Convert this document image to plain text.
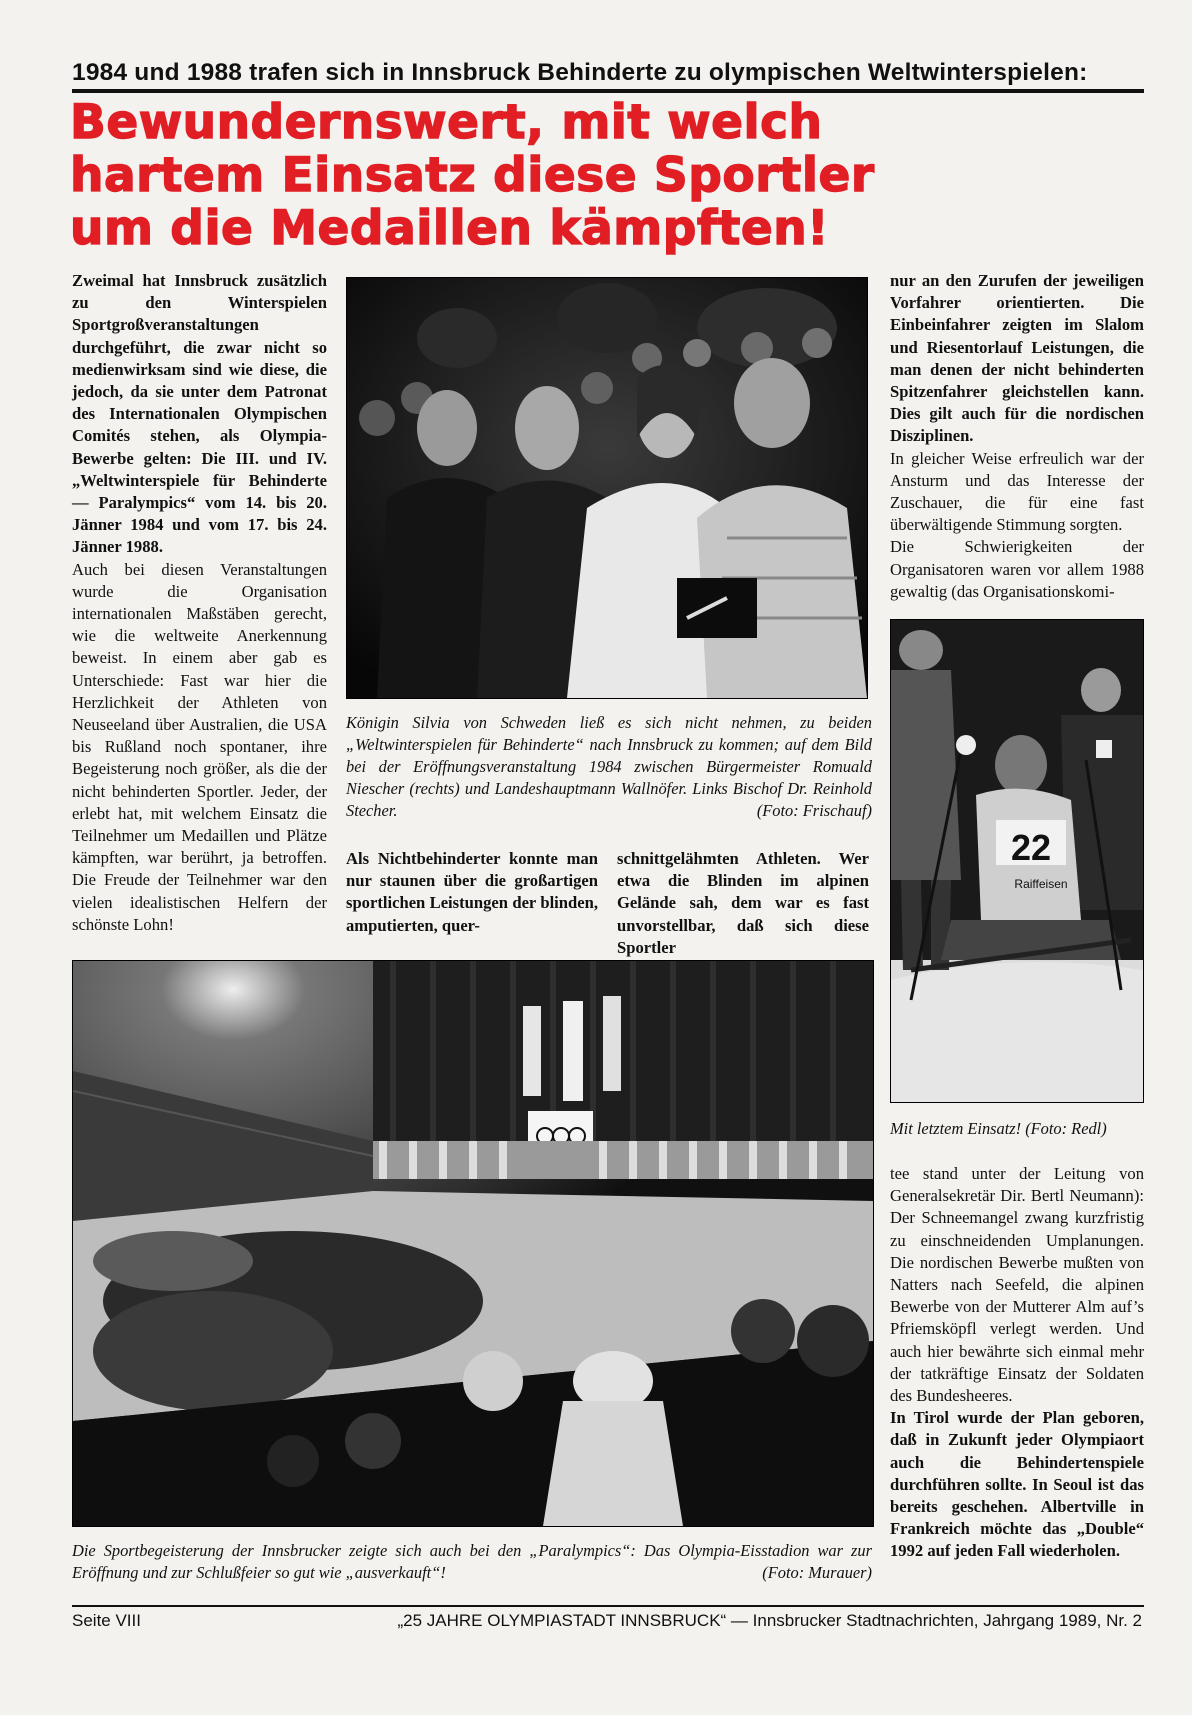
1984 und 1988 trafen sich in Innsbruck Behinderte zu olympischen Weltwinterspielen:
Bewundernswert, mit welch
hartem Einsatz diese Sportler
um die Medaillen kämpften!

Zweimal hat Innsbruck zusätzlich zu den Winterspielen Sportgroßveranstaltungen durchgeführt, die zwar nicht so medienwirksam sind wie diese, die jedoch, da sie unter dem Patronat des Internationalen Olympischen Comités stehen, als Olympia-Bewerbe gelten: Die III. und IV. „Weltwinterspiele für Behinderte — Paralympics“ vom 14. bis 20. Jänner 1984 und vom 17. bis 24. Jänner 1988.

Auch bei diesen Veranstaltungen wurde die Organisation internationalen Maßstäben gerecht, wie die weltweite Anerkennung beweist. In einem aber gab es Unterschiede: Fast war hier die Herzlichkeit der Athleten von Neuseeland über Australien, die USA bis Rußland noch spontaner, ihre Begeisterung noch größer, als die der nicht behinderten Sportler. Jeder, der erlebt hat, mit welchem Einsatz die Teilnehmer um Medaillen und Plätze kämpften, war berührt, ja betroffen. Die Freude der Teilnehmer war den vielen idealistischen Helfern der schönste Lohn!

Königin Silvia von Schweden ließ es sich nicht nehmen, zu beiden „Weltwinterspielen für Behinderte“ nach Innsbruck zu kommen; auf dem Bild bei der Eröffnungsveranstaltung 1984 zwischen Bürgermeister Romuald Niescher (rechts) und Landeshauptmann Wallnöfer. Links Bischof Dr. Reinhold Stecher.	(Foto: Frischauf)
Als Nichtbehinderter konnte man nur staunen über die großartigen sportlichen Leistungen der blinden, amputierten, quer-
schnittgelähmten Athleten. Wer etwa die Blinden im alpinen Gelände sah, dem war es fast unvorstellbar, daß sich diese Sportler

nur an den Zurufen der jeweiligen Vorfahrer orientierten. Die Einbeinfahrer zeigten im Slalom und Riesentorlauf Leistungen, die man denen der nicht behinderten Spitzenfahrer gleichstellen kann. Dies gilt auch für die nordischen Disziplinen.

In gleicher Weise erfreulich war der Ansturm und das Interesse der Zuschauer, die für eine fast überwältigende Stimmung sorgten.

Die Schwierigkeiten der Organisatoren waren vor allem 1988 gewaltig (das Organisationskomi-

22
Raiffeisen
Mit letztem Einsatz! (Foto: Redl)
Die Sportbegeisterung der Innsbrucker zeigte sich auch bei den „Paralympics“: Das Olympia-Eisstadion war zur Eröffnung und zur Schlußfeier so gut wie „ausverkauft“!	(Foto: Murauer)

tee stand unter der Leitung von Generalsekretär Dir. Bertl Neumann): Der Schneemangel zwang kurzfristig zu einschneidenden Umplanungen. Die nordischen Bewerbe mußten von Natters nach Seefeld, die alpinen Bewerbe von der Mutterer Alm auf’s Pfriemsköpfl verlegt werden. Und auch hier bewährte sich einmal mehr der tatkräftige Einsatz der Soldaten des Bundesheeres.

In Tirol wurde der Plan geboren, daß in Zukunft jeder Olympiaort auch die Behindertenspiele durchführen sollte. In Seoul ist das bereits geschehen. Albertville in Frankreich möchte das „Double“ 1992 auf jeden Fall wiederholen.

Seite VIII	„25 JAHRE OLYMPIASTADT INNSBRUCK“ — Innsbrucker Stadtnachrichten, Jahrgang 1989, Nr. 2
